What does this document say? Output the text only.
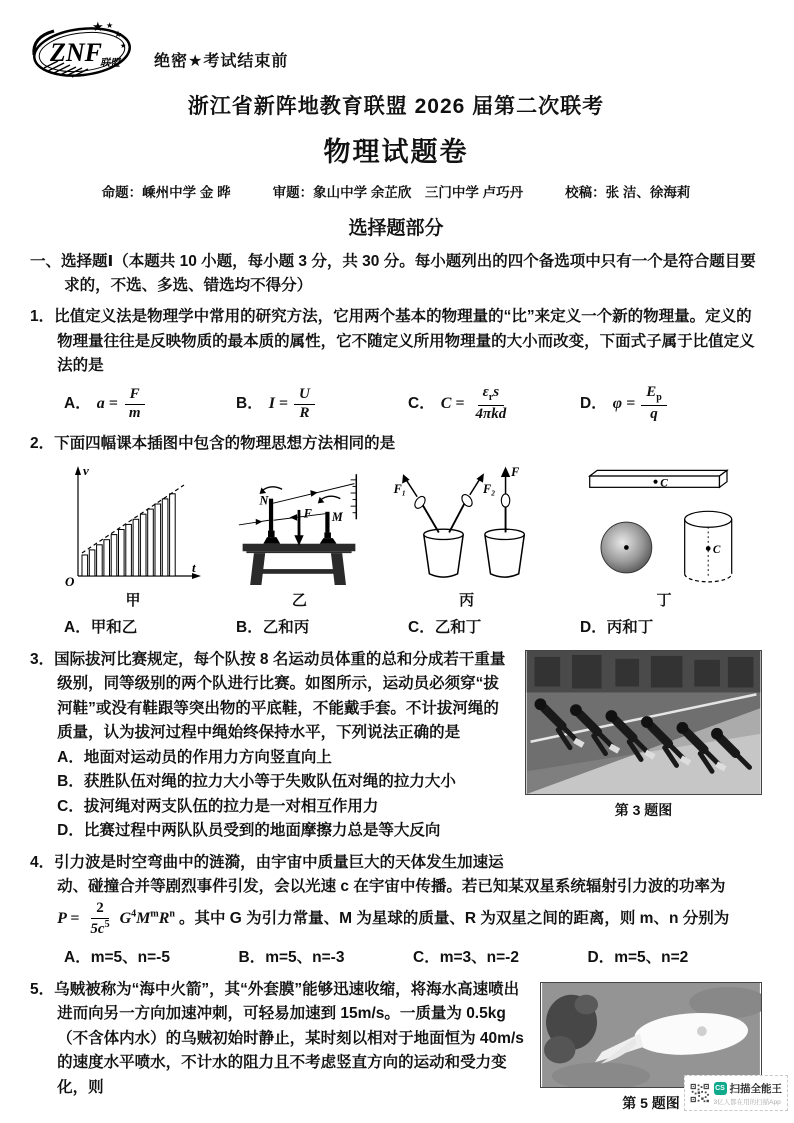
ZNF
联盟
★ ★
★
★
绝密★考试结束前
浙江省新阵地教育联盟 2026 届第二次联考
物理试题卷
命题：嵊州中学 金 晔	审题：象山中学 余芷欣　三门中学 卢巧丹	校稿：张 洁、徐海莉
选择题部分
一、选择题Ⅰ（本题共 10 小题，每小题 3 分，共 30 分。每小题列出的四个备选项中只有一个是符合题目要求的，不选、多选、错选均不得分）
1．比值定义法是物理学中常用的研究方法，它用两个基本的物理量的“比”来定义一个新的物理量。定义的物理量往往是反映物质的最本质的属性，它不随定义所用物理量的大小而改变，下面式子属于比值定义法的是
A． $a = \frac{F}{m}$	B． $I = \frac{U}{R}$	C． $C = \frac{\varepsilon_rs}{\text{4πkd}}$	D． $\varphi = \frac{E_p}{q}$
2．下面四幅课本插图中包含的物理思想方法相同的是
v
t
O
甲
N
M
F
乙
F₁	F₂
F
丙
C
C
丁
A．甲和乙	B．乙和丙	C．乙和丁	D．丙和丁
第 3 题图
3．国际拔河比赛规定，每个队按 8 名运动员体重的总和分成若干重量级别，同等级别的两个队进行比赛。如图所示，运动员必须穿“拔河鞋”或没有鞋跟等突出物的平底鞋，不能戴手套。不计拔河绳的质量，认为拔河过程中绳始终保持水平，下列说法正确的是
A．地面对运动员的作用力方向竖直向上
B．获胜队伍对绳的拉力大小等于失败队伍对绳的拉力大小
C．拔河绳对两支队伍的拉力是一对相互作用力
D．比赛过程中两队队员受到的地面摩擦力总是等大反向
4．引力波是时空弯曲中的涟漪，由宇宙中质量巨大的天体发生加速运
动、碰撞合并等剧烈事件引发，会以光速 c 在宇宙中传播。若已知某双星系统辐射引力波的功率为
$P = \frac{2}{5c^5} G^4M^mR^n$ 。其中 G 为引力常量、M 为星球的质量、R 为双星之间的距离，则 m、n 分别为
A．m=5、n=-5	B．m=5、n=-3	C．m=3、n=-2	D．m=5、n=2
第 5 题图
5．乌贼被称为“海中火箭”，其“外套膜”能够迅速收缩，将海水高速喷出进而向另一方向加速冲刺，可轻易加速到 15m/s。一质量为 0.5kg（不含体内水）的乌贼初始时静止，某时刻以相对于地面恒为 40m/s 的速度水平喷水，不计水的阻力且不考虑竖直方向的运动和受力变化，则	CS 扫描全能王
3亿人都在用的扫描App
